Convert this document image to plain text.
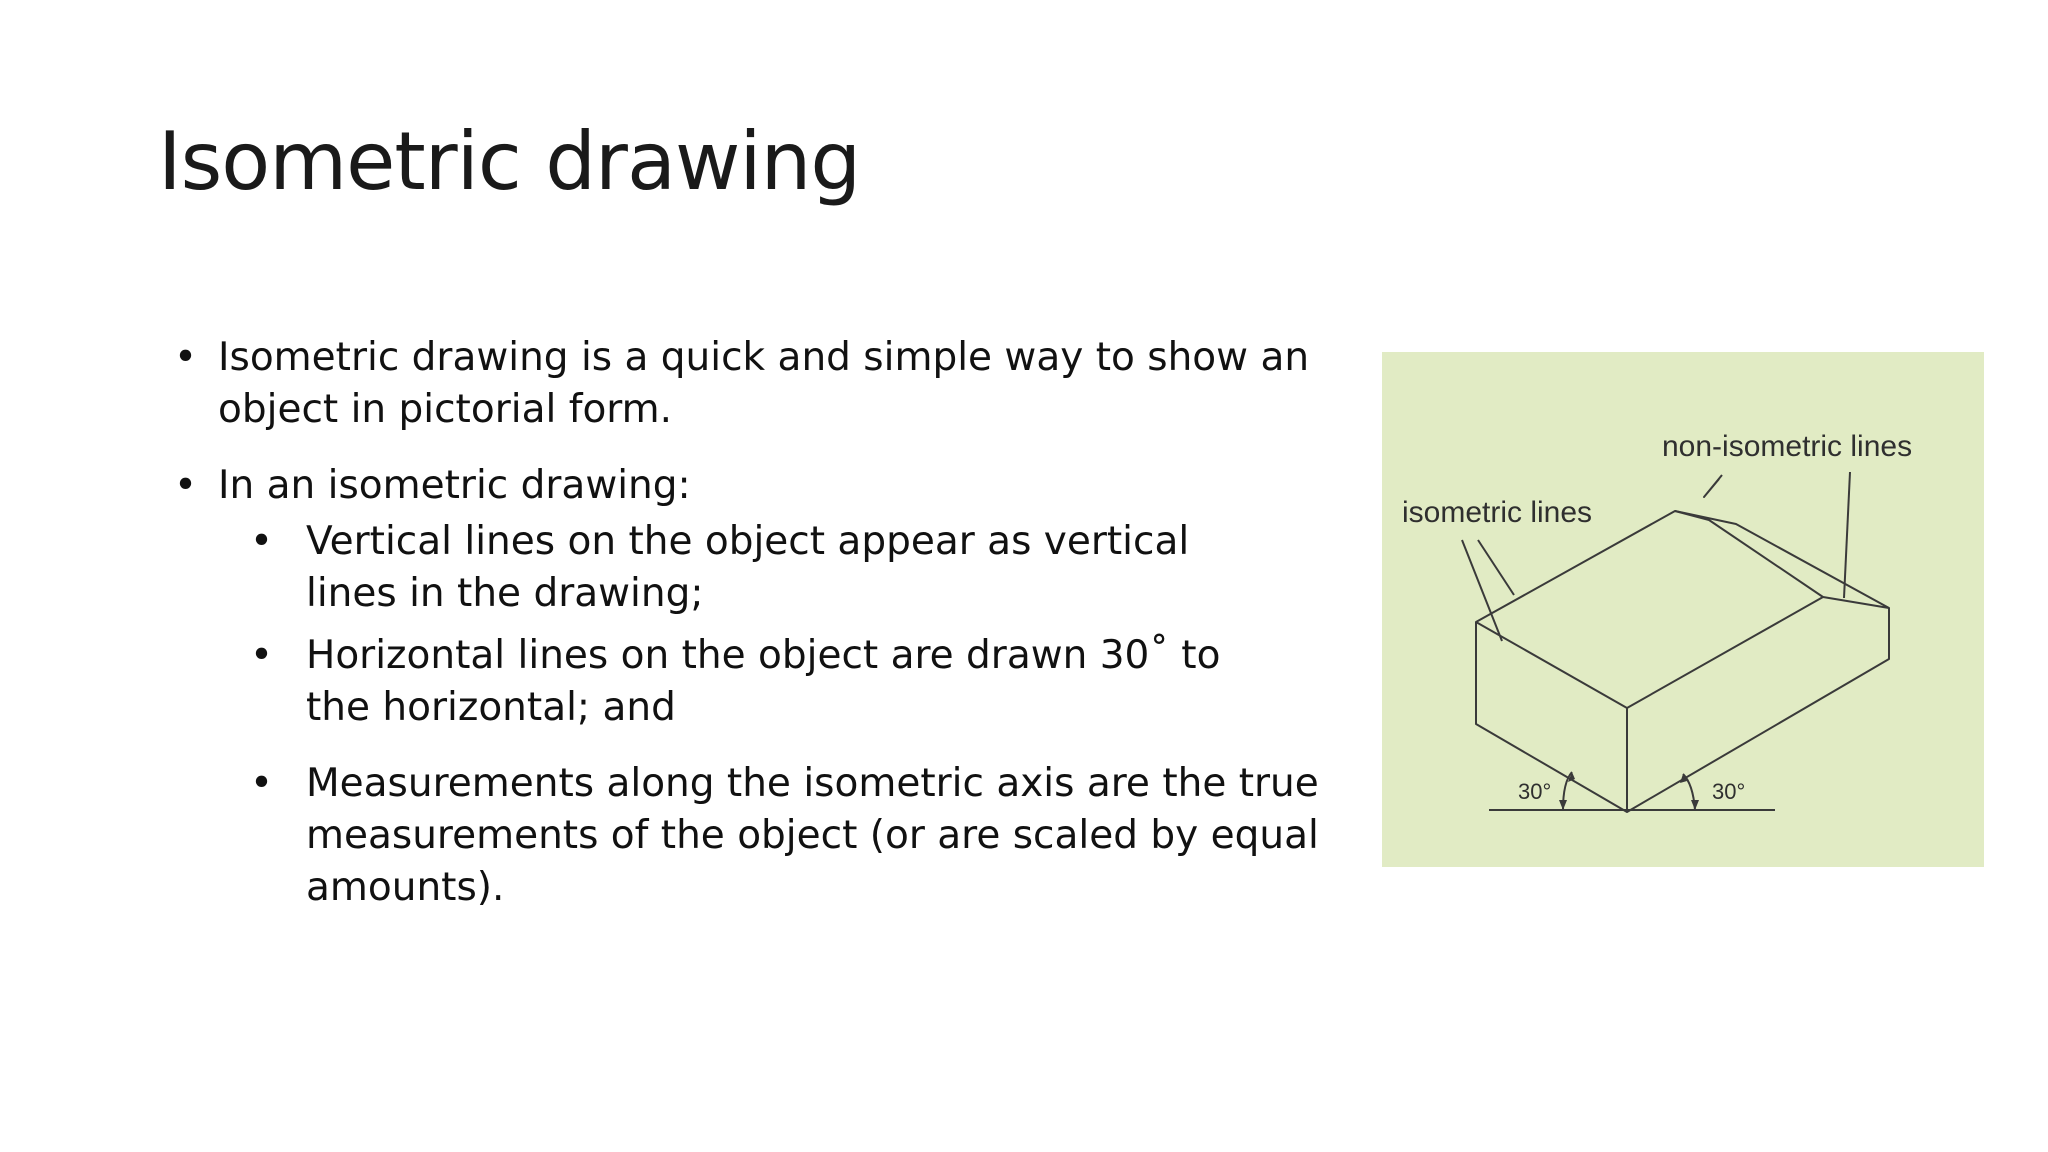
Isometric drawing
• Isometric drawing is a quick and simple way to show an object in pictorial form.
• In an isometric drawing:
• Vertical lines on the object appear as vertical lines in the drawing;
• Horizontal lines on the object are drawn 30˚ to the horizontal; and
• Measurements along the isometric axis are the true measurements of the object (or are scaled by equal amounts).
non-isometric lines
isometric lines
30°	30°
